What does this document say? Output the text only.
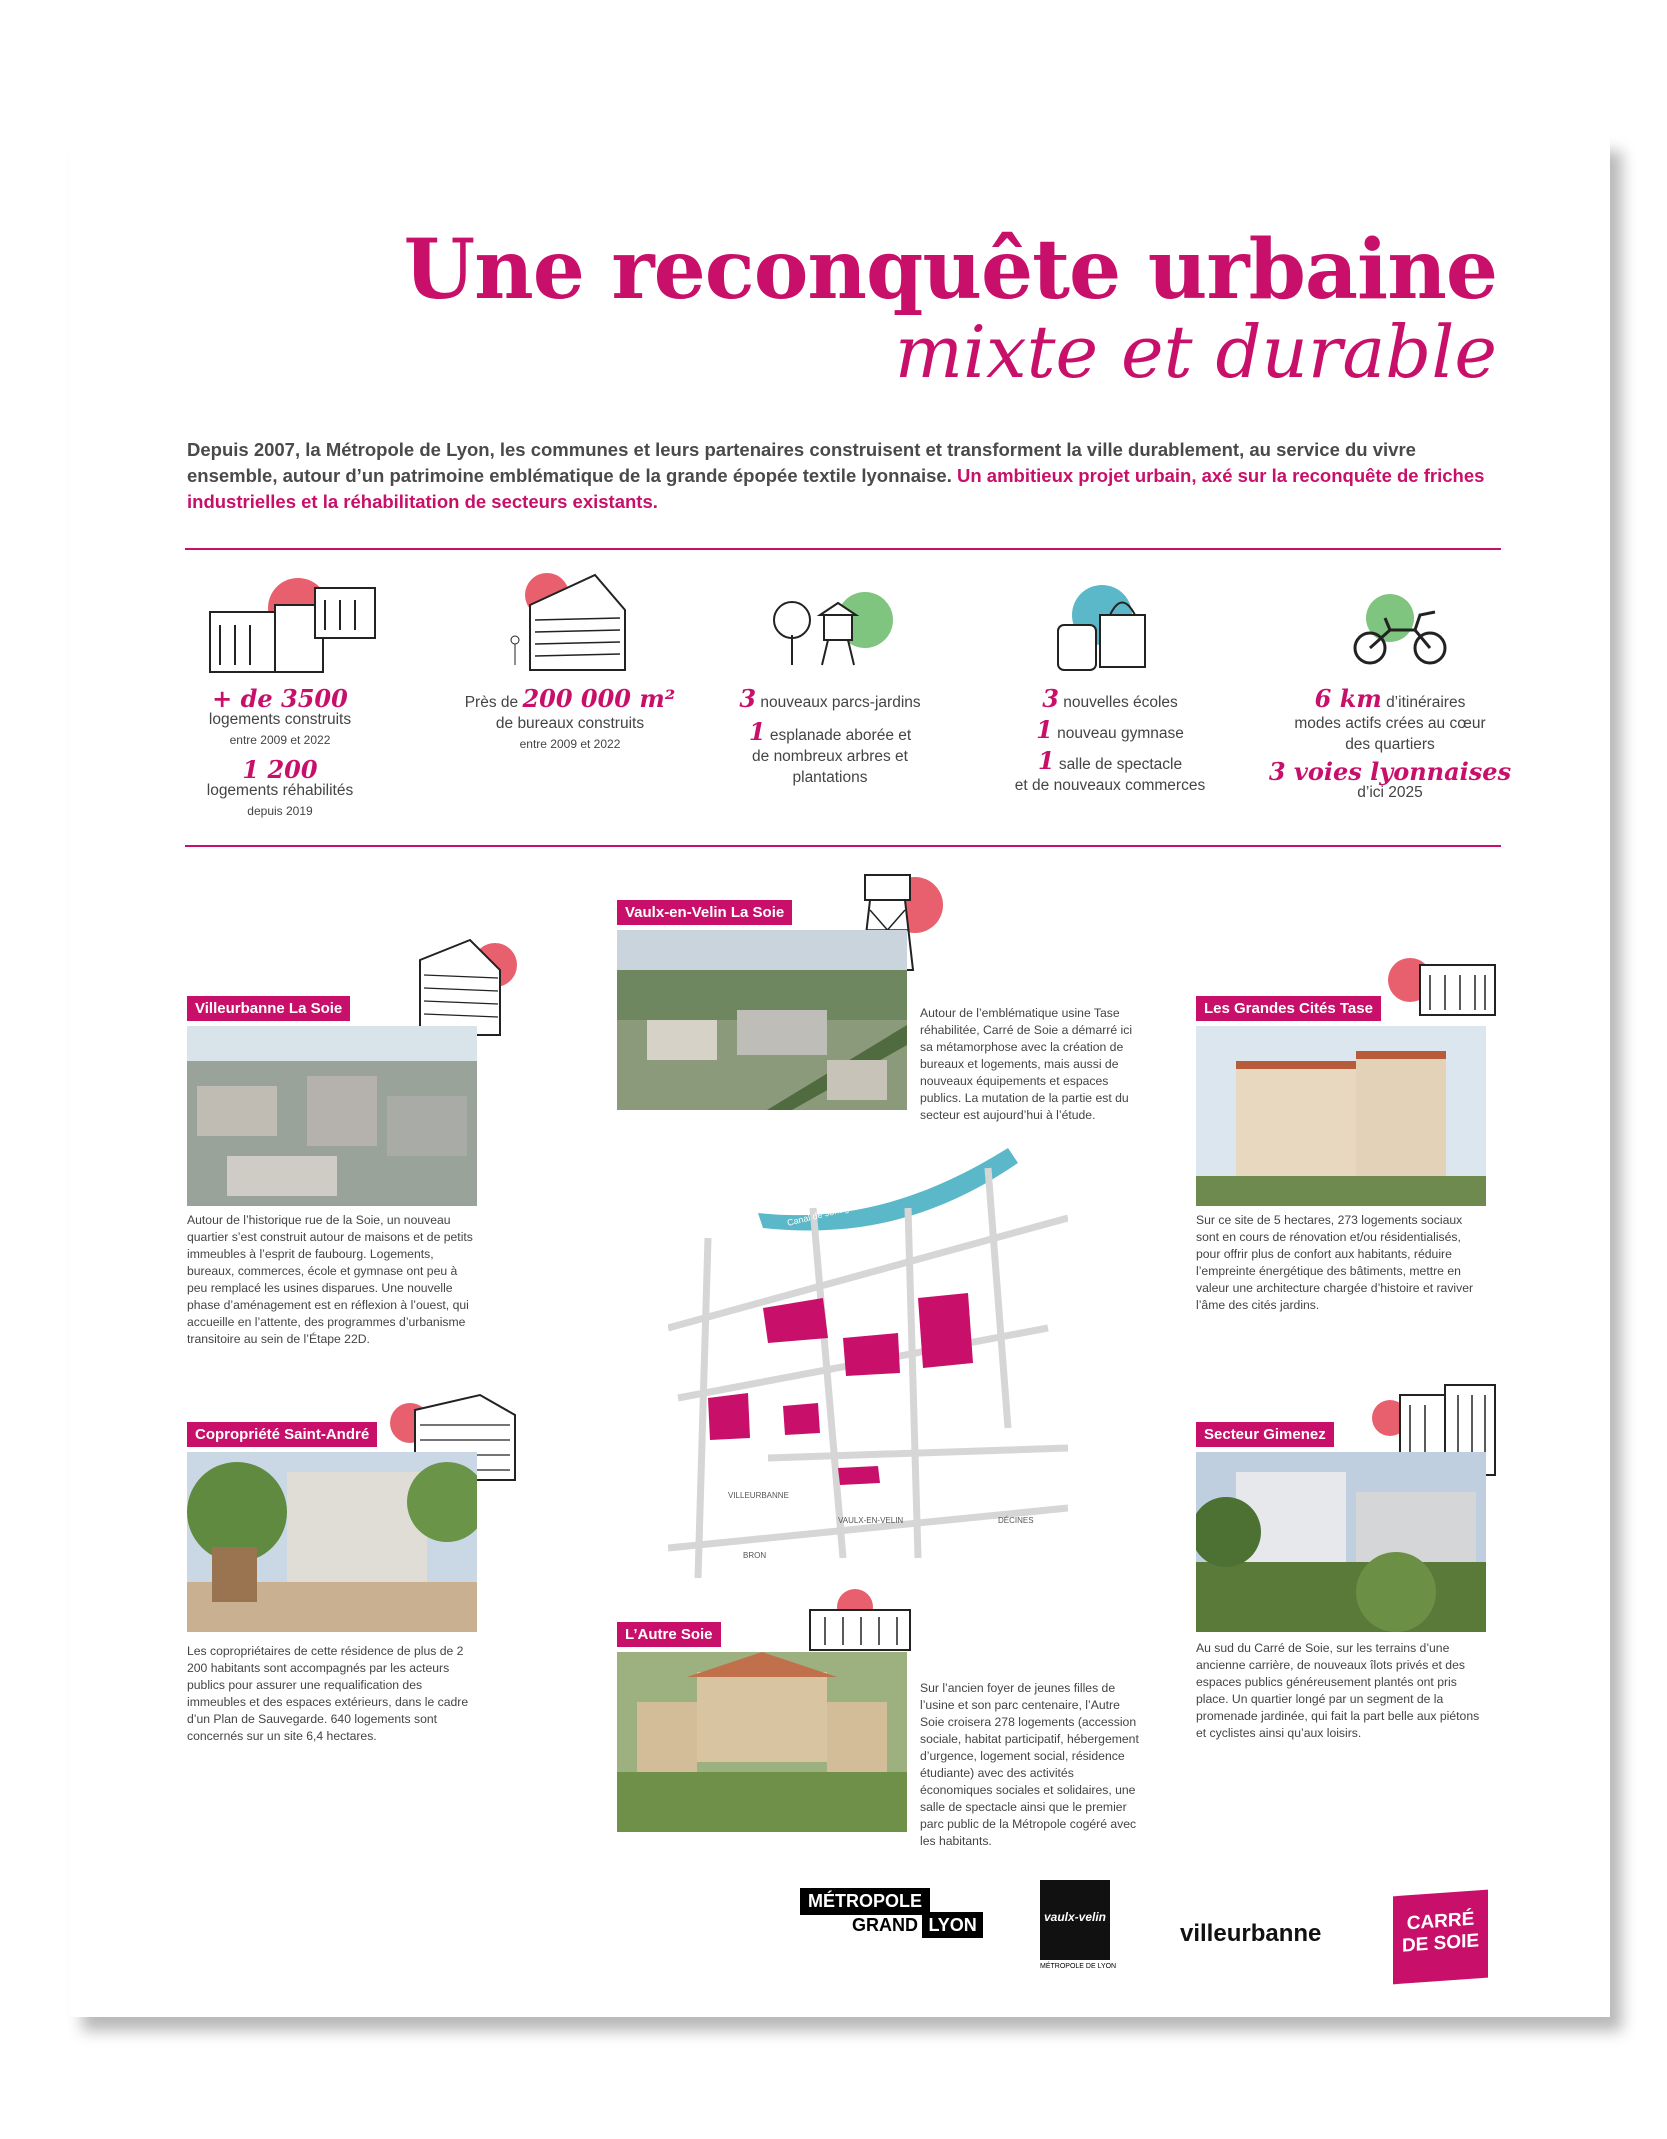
Une reconquête urbaine
mixte et durable
Depuis 2007, la Métropole de Lyon, les communes et leurs partenaires construisent et transforment la ville durablement, au service du vivre ensemble, autour d’un patrimoine emblématique de la grande épopée textile lyonnaise. Un ambitieux projet urbain, axé sur la reconquête de friches industrielles et la réhabilitation de secteurs existants.
+ de 3500
logements construits
entre 2009 et 2022
1 200
logements réhabilités
depuis 2019
Près de 200 000 m²
de bureaux construits
entre 2009 et 2022
3 nouveaux parcs-jardins
1 esplanade aborée et
de nombreux arbres et
plantations
3 nouvelles écoles
1 nouveau gymnase
1 salle de spectacle
et de nouveaux commerces
6 km d’itinéraires
modes actifs crées au cœur
des quartiers
3 voies lyonnaises
d’ici 2025
Vaulx-en-Velin La Soie
Autour de l’emblématique usine Tase réhabilitée, Carré de Soie a démarré ici sa métamorphose avec la création de bureaux et logements, mais aussi de nouveaux équipements et espaces publics. La mutation de la partie est du secteur est aujourd’hui à l’étude.
Villeurbanne La Soie
Autour de l’historique rue de la Soie, un nouveau quartier s’est construit autour de maisons et de petits immeubles à l’esprit de faubourg. Logements, bureaux, commerces, école et gymnase ont peu à peu remplacé les usines disparues. Une nouvelle phase d’aménagement est en réflexion à l’ouest, qui accueille en l’attente, des programmes d’urbanisme transitoire au sein de l’Étape 22D.
Les Grandes Cités Tase
Sur ce site de 5 hectares, 273 logements sociaux sont en cours de rénovation et/ou résidentialisés, pour offrir plus de confort aux habitants, réduire l’empreinte énergétique des bâtiments, mettre en valeur une architecture chargée d’histoire et raviver l’âme des cités jardins.
Copropriété Saint-André
Les copropriétaires de cette résidence de plus de 2 200 habitants sont accompagnés par les acteurs publics pour assurer une requalification des immeubles et des espaces extérieurs, dans le cadre d’un Plan de Sauvegarde. 640 logements sont concernés sur un site 6,4 hectares.
Secteur Gimenez
Au sud du Carré de Soie, sur les terrains d’une ancienne carrière, de nouveaux îlots privés et des espaces publics généreusement plantés ont pris place. Un quartier longé par un segment de la promenade jardinée, qui fait la part belle aux piétons et cyclistes ainsi qu’aux loisirs.
L’Autre Soie
Sur l’ancien foyer de jeunes filles de l’usine et son parc centenaire, l’Autre Soie croisera 278 logements (accession sociale, habitat participatif, hébergement d’urgence, logement social, résidence étudiante) avec des activités économiques sociales et solidaires, une salle de spectacle ainsi que le premier parc public de la Métropole cogéré avec les habitants.
Canal de Jonage
VILLEURBANNE
VAULX-EN-VELIN	DÉCINES
BRON
MÉTROPOLE
GRAND LYON	vaulx-velin
MÉTROPOLE DE LYON
villeurbanne	CARRÉ
DE SOIE
